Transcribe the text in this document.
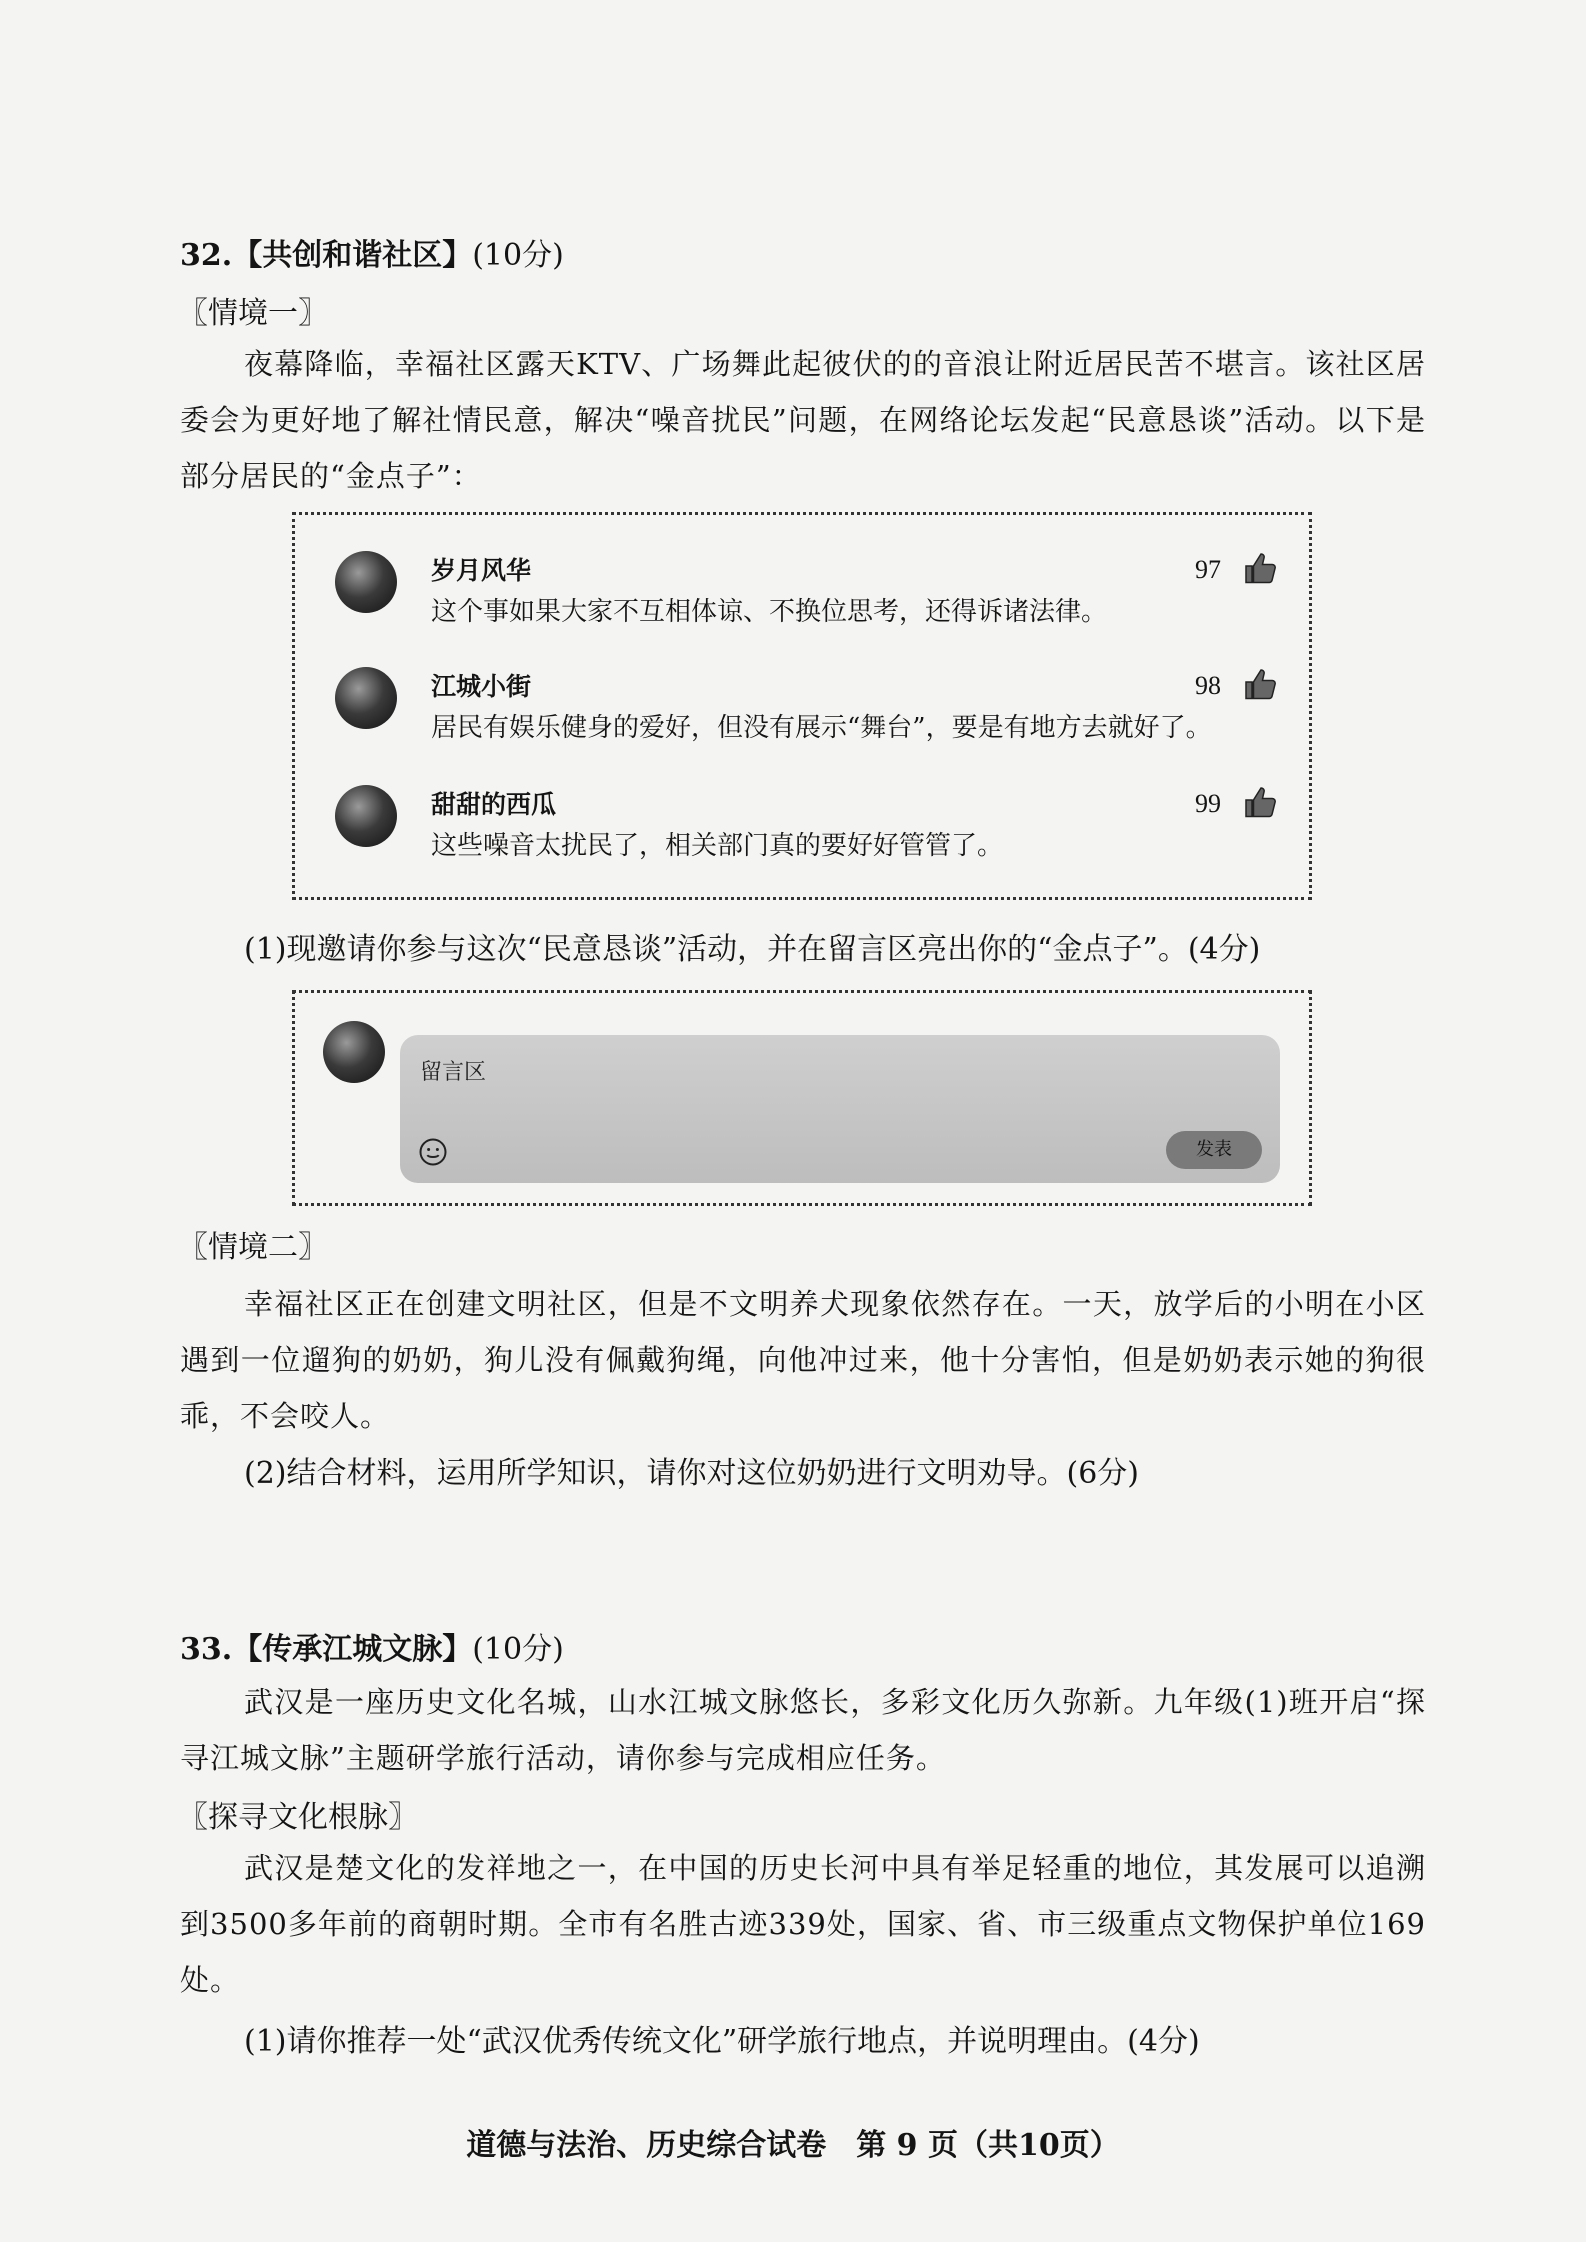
32.【共创和谐社区】(10分)
〖情境一〗
夜幕降临，幸福社区露天KTV、广场舞此起彼伏的的音浪让附近居民苦不堪言。该社区居委会为更好地了解社情民意，解决“噪音扰民”问题，在网络论坛发起“民意恳谈”活动。以下是部分居民的“金点子”：
岁月风华	97
这个事如果大家不互相体谅、不换位思考，还得诉诸法律。
江城小街	98
居民有娱乐健身的爱好，但没有展示“舞台”，要是有地方去就好了。
甜甜的西瓜	99
这些噪音太扰民了，相关部门真的要好好管管了。
(1)现邀请你参与这次“民意恳谈”活动，并在留言区亮出你的“金点子”。(4分)
留言区
发表
〖情境二〗
幸福社区正在创建文明社区，但是不文明养犬现象依然存在。一天，放学后的小明在小区遇到一位遛狗的奶奶，狗儿没有佩戴狗绳，向他冲过来，他十分害怕，但是奶奶表示她的狗很乖，不会咬人。
(2)结合材料，运用所学知识，请你对这位奶奶进行文明劝导。(6分)
33.【传承江城文脉】(10分)
武汉是一座历史文化名城，山水江城文脉悠长，多彩文化历久弥新。九年级(1)班开启“探寻江城文脉”主题研学旅行活动，请你参与完成相应任务。
〖探寻文化根脉〗
武汉是楚文化的发祥地之一，在中国的历史长河中具有举足轻重的地位，其发展可以追溯到3500多年前的商朝时期。全市有名胜古迹339处，国家、省、市三级重点文物保护单位169处。
(1)请你推荐一处“武汉优秀传统文化”研学旅行地点，并说明理由。(4分)
道德与法治、历史综合试卷　第 9 页（共10页）
